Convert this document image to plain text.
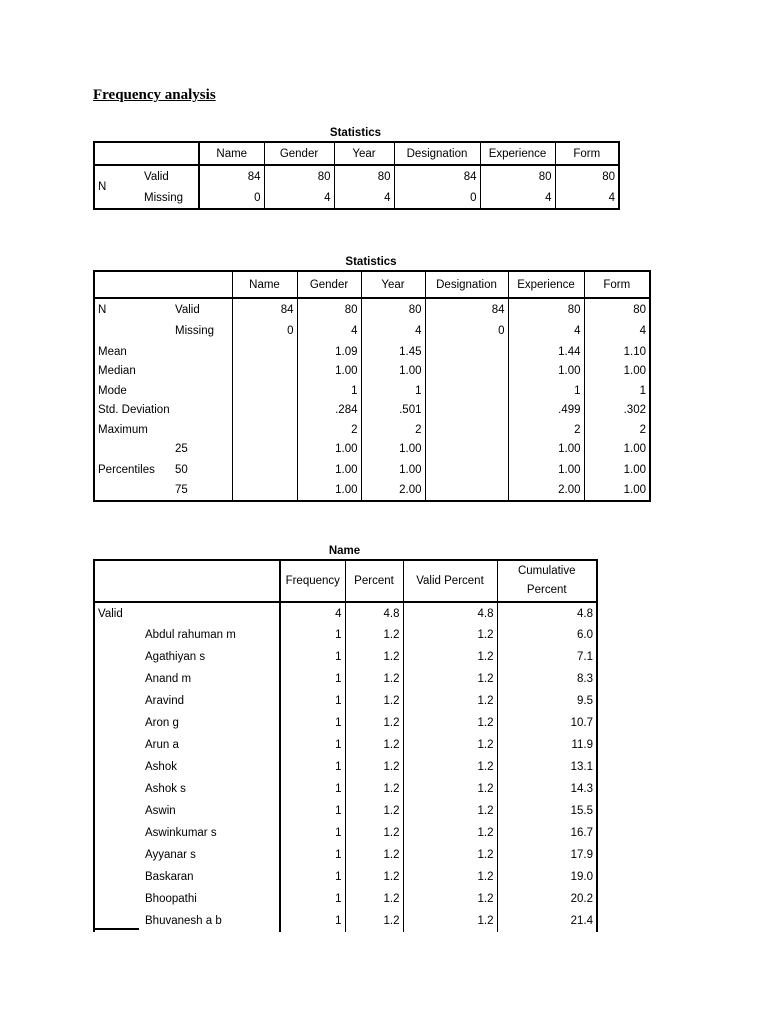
Frequency analysis
Statistics
		Name	Gender	Year	Designation	Experience	Form
N	Valid	84	80	80	84	80	80
	Missing	0	4	4	0	4	4
Statistics
		Name	Gender	Year	Designation	Experience	Form
N	Valid	84	80	80	84	80	80
	Missing	0	4	4	0	4	4
Mean			1.09	1.45		1.44	1.10
Median			1.00	1.00		1.00	1.00
Mode			1	1		1	1
Std. Deviation			.284	.501		.499	.302
Maximum			2	2		2	2
	25		1.00	1.00		1.00	1.00
Percentiles	50		1.00	1.00		1.00	1.00
	75		1.00	2.00		2.00	1.00
Name
		Frequency	Percent	Valid Percent	Cumulative Percent
Valid		4	4.8	4.8	4.8
	Abdul rahuman m	1	1.2	1.2	6.0
	Agathiyan s	1	1.2	1.2	7.1
	Anand m	1	1.2	1.2	8.3
	Aravind	1	1.2	1.2	9.5
	Aron g	1	1.2	1.2	10.7
	Arun a	1	1.2	1.2	11.9
	Ashok	1	1.2	1.2	13.1
	Ashok s	1	1.2	1.2	14.3
	Aswin	1	1.2	1.2	15.5
	Aswinkumar s	1	1.2	1.2	16.7
	Ayyanar s	1	1.2	1.2	17.9
	Baskaran	1	1.2	1.2	19.0
	Bhoopathi	1	1.2	1.2	20.2
	Bhuvanesh a b	1	1.2	1.2	21.4
